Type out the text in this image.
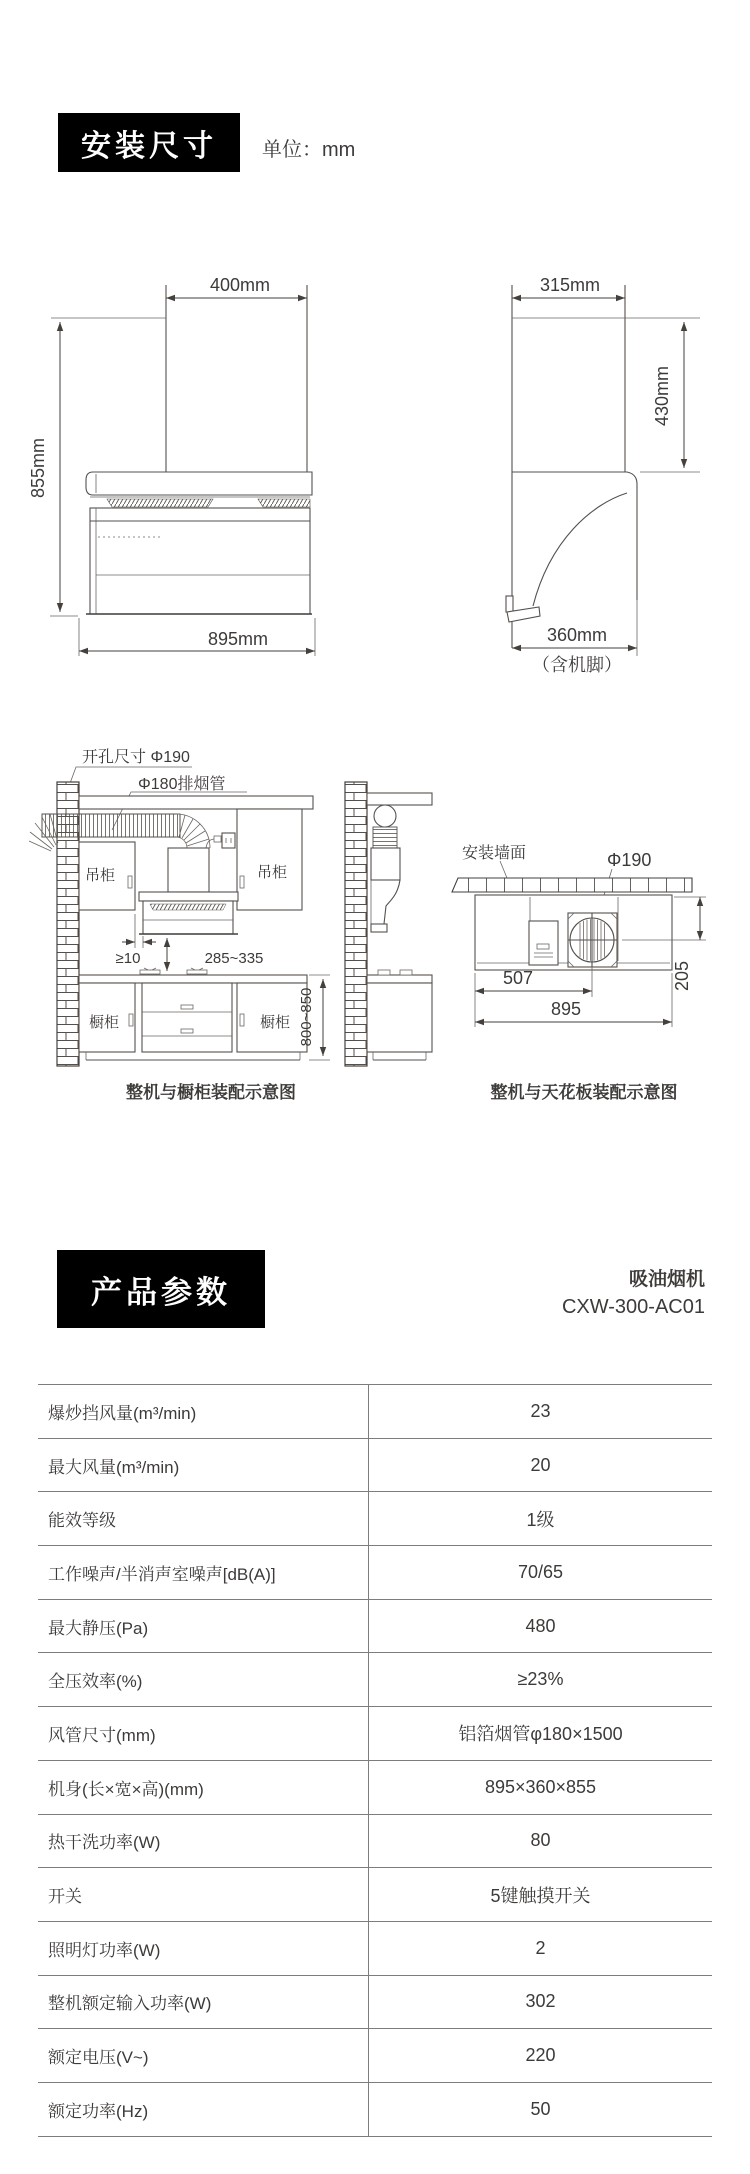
安装尺寸 单位：mm
400mm
855mm
895mm
315mm
430mm
360mm
（含机脚）
开孔尺寸 Φ190
Φ180排烟管
吊柜	吊柜
≥10	285~335
橱柜	橱柜 800~850
整机与橱柜装配示意图
安装墙面	Φ190
507
895
205
整机与天花板装配示意图
产品参数	吸油烟机
CXW-300-AC01
爆炒挡风量(m³/min)	23
最大风量(m³/min)	20
能效等级	1级
工作噪声/半消声室噪声[dB(A)]	70/65
最大静压(Pa)	480
全压效率(%)	≥23%
风管尺寸(mm)	铝箔烟管φ180×1500
机身(长×宽×高)(mm)	895×360×855
热干洗功率(W)	80
开关	5键触摸开关
照明灯功率(W)	2
整机额定输入功率(W)	302
额定电压(V~)	220
额定功率(Hz)	50
